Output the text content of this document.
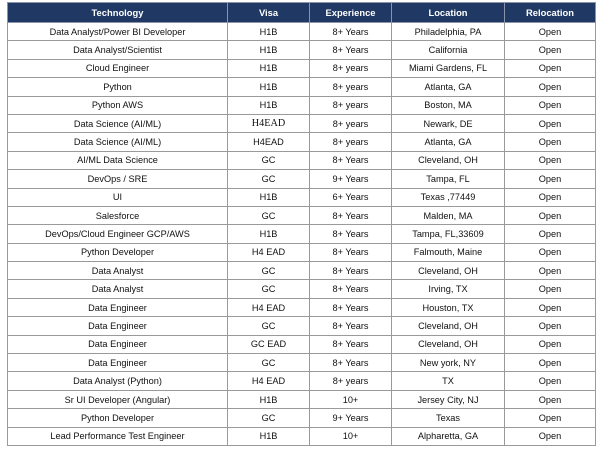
Technology	Visa	Experience	Location	Relocation
Data Analyst/Power BI Developer	H1B	8+ Years	Philadelphia, PA	Open
Data Analyst/Scientist	H1B	8+ Years	California	Open
Cloud Engineer	H1B	8+ years	Miami Gardens, FL	Open
Python	H1B	8+ years	Atlanta, GA	Open
Python AWS	H1B	8+ years	Boston, MA	Open
Data Science (AI/ML)	H4EAD	8+ years	Newark, DE	Open
Data Science (AI/ML)	H4EAD	8+ years	Atlanta, GA	Open
AI/ML Data Science	GC	8+ Years	Cleveland, OH	Open
DevOps / SRE	GC	9+ Years	Tampa, FL	Open
UI	H1B	6+ Years	Texas ,77449	Open
Salesforce	GC	8+ Years	Malden, MA	Open
DevOps/Cloud Engineer GCP/AWS	H1B	8+ Years	Tampa, FL,33609	Open
Python Developer	H4 EAD	8+ Years	Falmouth, Maine	Open
Data Analyst	GC	8+ Years	Cleveland, OH	Open
Data Analyst	GC	8+ Years	Irving, TX	Open
Data Engineer	H4 EAD	8+ Years	Houston, TX	Open
Data Engineer	GC	8+ Years	Cleveland, OH	Open
Data Engineer	GC EAD	8+ Years	Cleveland, OH	Open
Data Engineer	GC	8+ Years	New york, NY	Open
Data Analyst (Python)	H4 EAD	8+ years	TX	Open
Sr UI Developer (Angular)	H1B	10+	Jersey City, NJ	Open
Python Developer	GC	9+ Years	Texas	Open
Lead Performance Test Engineer	H1B	10+	Alpharetta, GA	Open
